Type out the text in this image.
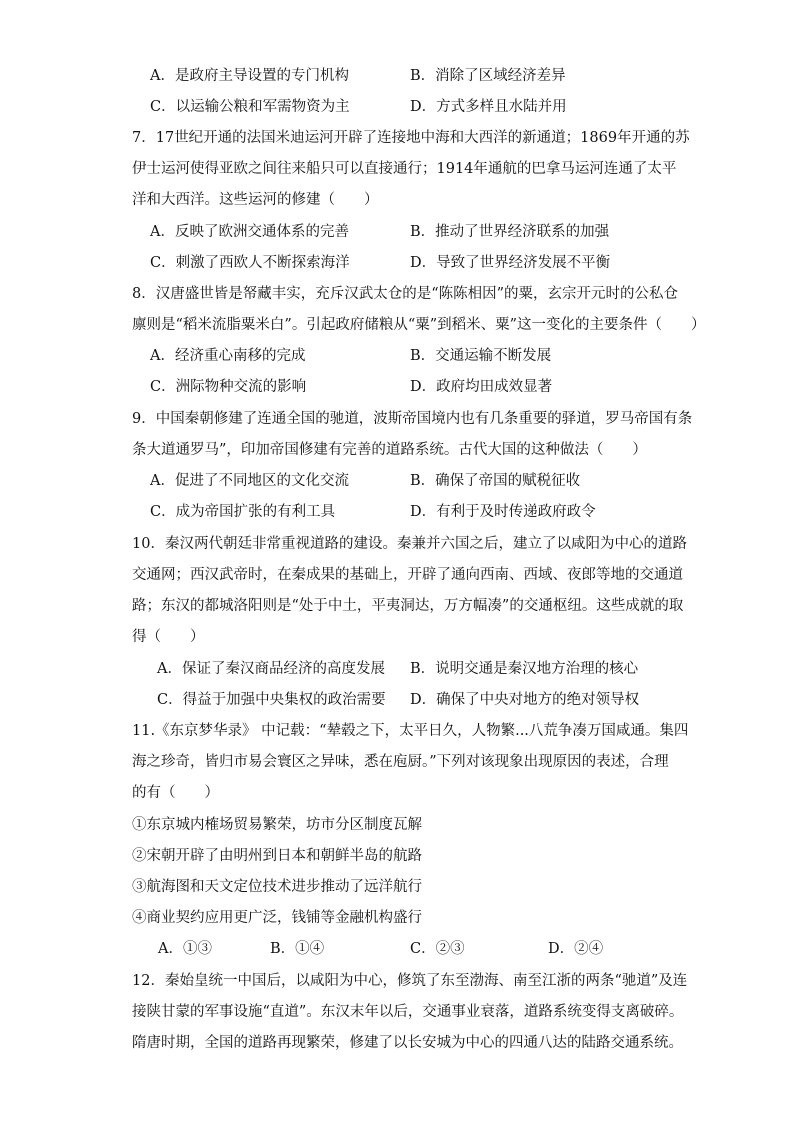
A．是政府主导设置的专门机构	B．消除了区域经济差异
C．以运输公粮和军需物资为主	D．方式多样且水陆并用
7．17世纪开通的法国米迪运河开辟了连接地中海和大西洋的新通道；1869年开通的苏
伊士运河使得亚欧之间往来船只可以直接通行；1914年通航的巴拿马运河连通了太平
洋和大西洋。这些运河的修建（　　）
A．反映了欧洲交通体系的完善	B．推动了世界经济联系的加强
C．刺激了西欧人不断探索海洋	D．导致了世界经济发展不平衡
8．汉唐盛世皆是帑藏丰实，充斥汉武太仓的是“陈陈相因”的粟，玄宗开元时的公私仓
廪则是“稻米流脂粟米白”。引起政府储粮从“粟”到稻米、粟”这一变化的主要条件（　　）
A．经济重心南移的完成	B．交通运输不断发展
C．洲际物种交流的影响	D．政府均田成效显著
9．中国秦朝修建了连通全国的驰道，波斯帝国境内也有几条重要的驿道，罗马帝国有条
条大道通罗马”，印加帝国修建有完善的道路系统。古代大国的这种做法（　　）
A．促进了不同地区的文化交流	B．确保了帝国的赋税征收
C．成为帝国扩张的有利工具	D．有利于及时传递政府政令
10．秦汉两代朝廷非常重视道路的建设。秦兼并六国之后，建立了以咸阳为中心的道路
交通网；西汉武帝时，在秦成果的基础上，开辟了通向西南、西域、夜郎等地的交通道
路；东汉的都城洛阳则是“处于中土，平夷洞达，万方幅凑”的交通枢纽。这些成就的取
得（　　）
A．保证了秦汉商品经济的高度发展 B．说明交通是秦汉地方治理的核心
C．得益于加强中央集权的政治需要 D．确保了中央对地方的绝对领导权
11.《东京梦华录》 中记载：“辇毂之下，太平日久，人物繁...八荒争凑万国咸通。集四
海之珍奇，皆归市易会寰区之异味，悉在庖厨。”下列对该现象出现原因的表述，合理
的有（　　）
①东京城内榷场贸易繁荣，坊市分区制度瓦解
②宋朝开辟了由明州到日本和朝鲜半岛的航路
③航海图和天文定位技术进步推动了远洋航行
④商业契约应用更广泛，钱铺等金融机构盛行
A．①③	B．①④	C．②③	D．②④
12．秦始皇统一中国后，以咸阳为中心，修筑了东至渤海、南至江浙的两条“驰道”及连
接陕甘蒙的军事设施“直道”。东汉末年以后，交通事业衰落，道路系统变得支离破碎。
隋唐时期，全国的道路再现繁荣，修建了以长安城为中心的四通八达的陆路交通系统。
